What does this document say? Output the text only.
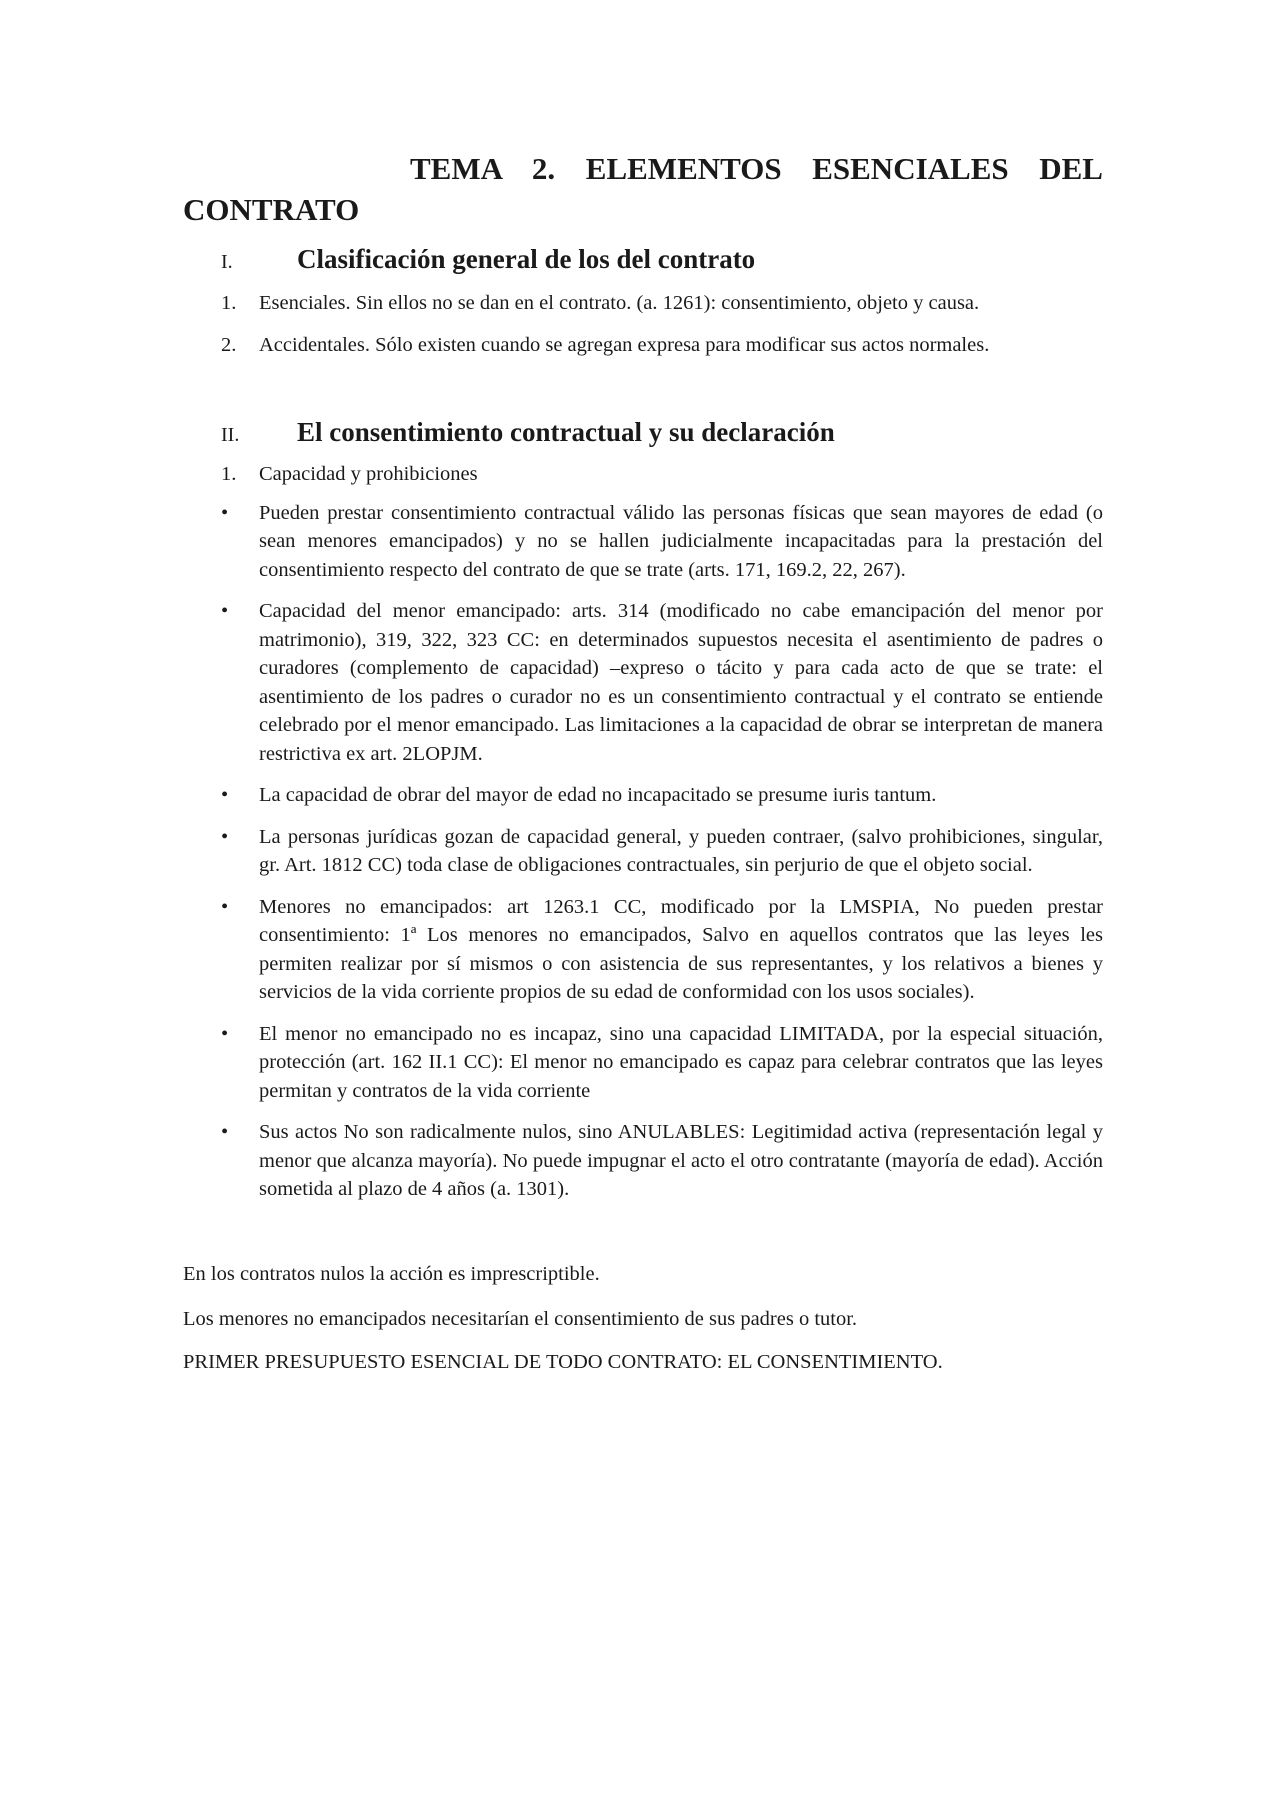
TEMA 2. ELEMENTOS ESENCIALES DEL
CONTRATO
I.	Clasificación general de los del contrato
1.	Esenciales. Sin ellos no se dan en el contrato. (a. 1261): consentimiento, objeto y causa.
2.	Accidentales. Sólo existen cuando se agregan expresa para modificar sus actos normales.
II.	El consentimiento contractual y su declaración
1.	Capacidad y prohibiciones
•	Pueden prestar consentimiento contractual válido las personas físicas que sean mayores de edad (o sean menores emancipados) y no se hallen judicialmente incapacitadas para la prestación del consentimiento respecto del contrato de que se trate (arts. 171, 169.2, 22, 267).
•	Capacidad del menor emancipado: arts. 314 (modificado no cabe emancipación del menor por matrimonio), 319, 322, 323 CC: en determinados supuestos necesita el asentimiento de padres o curadores (complemento de capacidad) –expreso o tácito y para cada acto de que se trate: el asentimiento de los padres o curador no es un consentimiento contractual y el contrato se entiende celebrado por el menor emancipado. Las limitaciones a la capacidad de obrar se interpretan de manera restrictiva ex art. 2LOPJM.
•	La capacidad de obrar del mayor de edad no incapacitado se presume iuris tantum.
•	La personas jurídicas gozan de capacidad general, y pueden contraer, (salvo prohibiciones, singular, gr. Art. 1812 CC) toda clase de obligaciones contractuales, sin perjurio de que el objeto social.
•	Menores no emancipados: art 1263.1 CC, modificado por la LMSPIA, No pueden prestar consentimiento: 1ª Los menores no emancipados, Salvo en aquellos contratos que las leyes les permiten realizar por sí mismos o con asistencia de sus representantes, y los relativos a bienes y servicios de la vida corriente propios de su edad de conformidad con los usos sociales).
•	El menor no emancipado no es incapaz, sino una capacidad LIMITADA, por la especial situación, protección (art. 162 II.1 CC): El menor no emancipado es capaz para celebrar contratos que las leyes permitan y contratos de la vida corriente
•	Sus actos No son radicalmente nulos, sino ANULABLES: Legitimidad activa (representación legal y menor que alcanza mayoría). No puede impugnar el acto el otro contratante (mayoría de edad). Acción sometida al plazo de 4 años (a. 1301).

En los contratos nulos la acción es imprescriptible.

Los menores no emancipados necesitarían el consentimiento de sus padres o tutor.

PRIMER PRESUPUESTO ESENCIAL DE TODO CONTRATO: EL CONSENTIMIENTO.
